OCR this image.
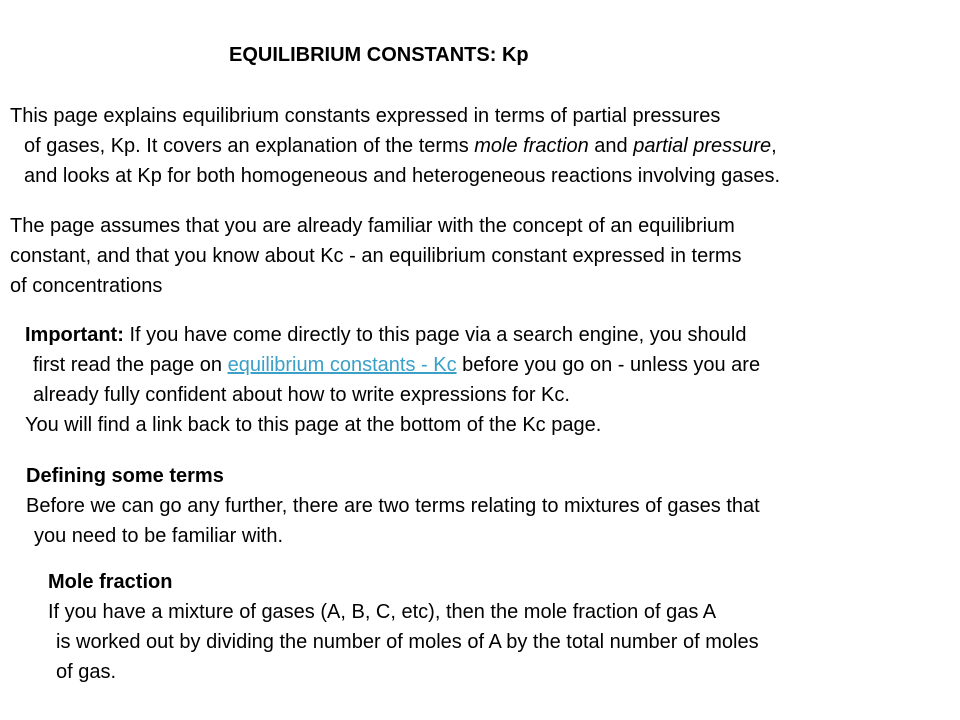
EQUILIBRIUM CONSTANTS: Kp
This page explains equilibrium constants expressed in terms of partial pressures
of gases, Kp. It covers an explanation of the terms mole fraction and partial pressure,
and looks at Kp for both homogeneous and heterogeneous reactions involving gases.
The page assumes that you are already familiar with the concept of an equilibrium
constant, and that you know about Kc - an equilibrium constant expressed in terms
of concentrations
Important: If you have come directly to this page via a search engine, you should
first read the page on equilibrium constants - Kc before you go on - unless you are
already fully confident about how to write expressions for Kc.
You will find a link back to this page at the bottom of the Kc page.
Defining some terms
Before we can go any further, there are two terms relating to mixtures of gases that
you need to be familiar with.
Mole fraction
If you have a mixture of gases (A, B, C, etc), then the mole fraction of gas A
is worked out by dividing the number of moles of A by the total number of moles
of gas.
